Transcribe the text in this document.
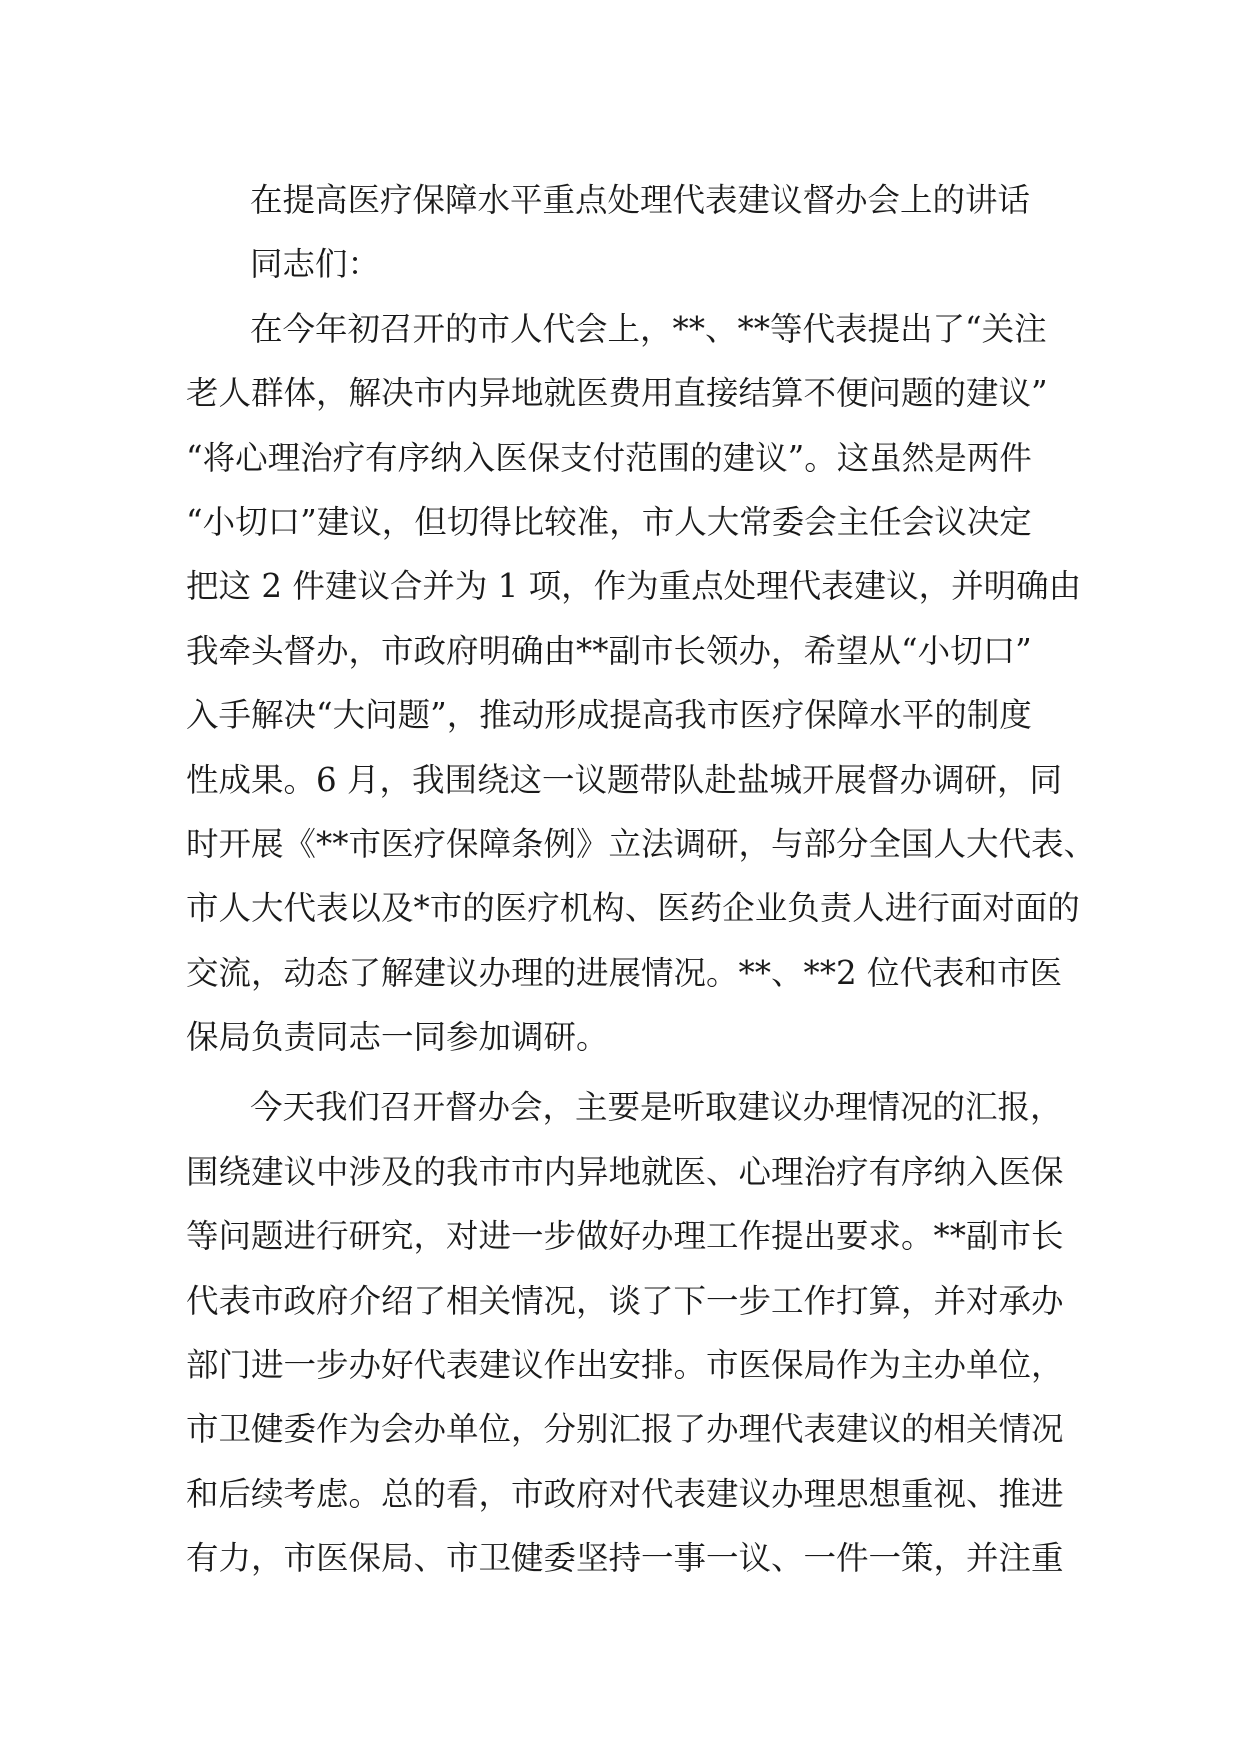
在提高医疗保障水平重点处理代表建议督办会上的讲话
同志们：
在今年初召开的市人代会上，**、**等代表提出了“关注
老人群体，解决市内异地就医费用直接结算不便问题的建议”
“将心理治疗有序纳入医保支付范围的建议”。这虽然是两件
“小切口”建议，但切得比较准，市人大常委会主任会议决定
把这 2 件建议合并为 1 项，作为重点处理代表建议，并明确由
我牵头督办，市政府明确由**副市长领办，希望从“小切口”
入手解决“大问题”，推动形成提高我市医疗保障水平的制度
性成果。6 月，我围绕这一议题带队赴盐城开展督办调研，同
时开展《**市医疗保障条例》立法调研，与部分全国人大代表、
市人大代表以及*市的医疗机构、医药企业负责人进行面对面的
交流，动态了解建议办理的进展情况。**、**2 位代表和市医
保局负责同志一同参加调研。
今天我们召开督办会，主要是听取建议办理情况的汇报，
围绕建议中涉及的我市市内异地就医、心理治疗有序纳入医保
等问题进行研究，对进一步做好办理工作提出要求。**副市长
代表市政府介绍了相关情况，谈了下一步工作打算，并对承办
部门进一步办好代表建议作出安排。市医保局作为主办单位，
市卫健委作为会办单位，分别汇报了办理代表建议的相关情况
和后续考虑。总的看，市政府对代表建议办理思想重视、推进
有力，市医保局、市卫健委坚持一事一议、一件一策，并注重
